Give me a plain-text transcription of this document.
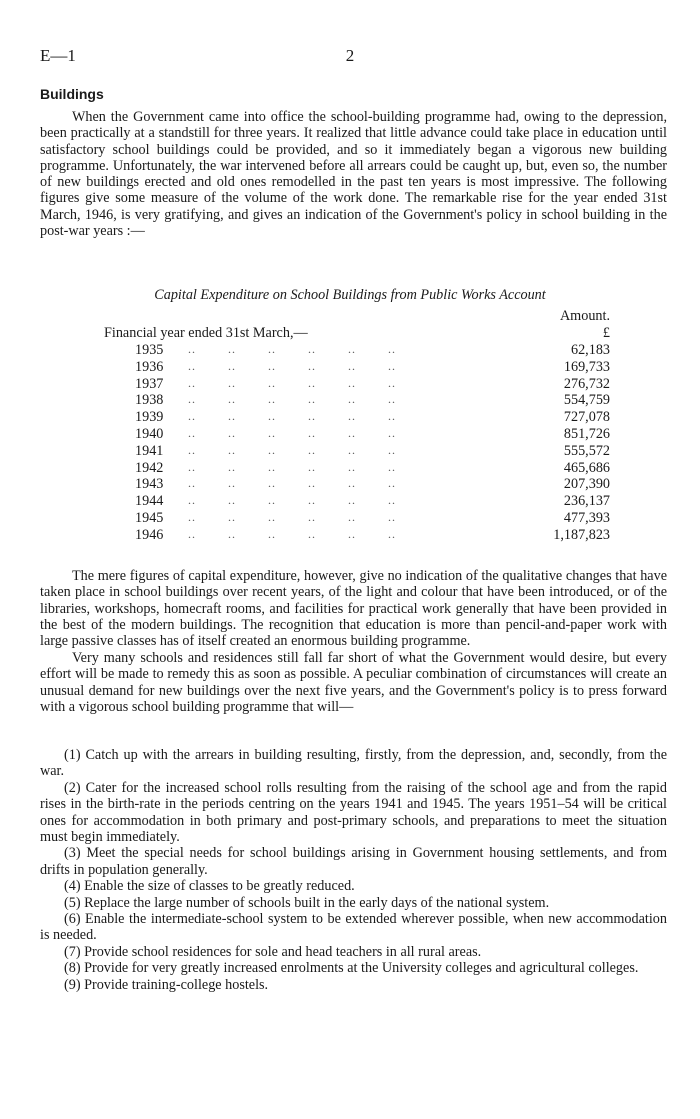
E—1	2
Buildings

When the Government came into office the school-building programme had, owing to the depression, been practically at a standstill for three years. It realized that little advance could take place in education until satisfactory school buildings could be provided, and so it immediately began a vigorous new building programme. Unfortunately, the war intervened before all arrears could be caught up, but, even so, the number of new buildings erected and old ones remodelled in the past ten years is most impressive. The following figures give some measure of the volume of the work done. The remarkable rise for the year ended 31st March, 1946, is very gratifying, and gives an indication of the Government's policy in school building in the post-war years :—

Capital Expenditure on School Buildings from Public Works Account
Amount.
Financial year ended 31st March,—	£
1935 ..        ..        ..        ..        ..        ..	62,183
1936 ..        ..        ..        ..        ..        ..	169,733
1937 ..        ..        ..        ..        ..        ..	276,732
1938 ..        ..        ..        ..        ..        ..	554,759
1939 ..        ..        ..        ..        ..        ..	727,078
1940 ..        ..        ..        ..        ..        ..	851,726
1941 ..        ..        ..        ..        ..        ..	555,572
1942 ..        ..        ..        ..        ..        ..	465,686
1943 ..        ..        ..        ..        ..        ..	207,390
1944 ..        ..        ..        ..        ..        ..	236,137
1945 ..        ..        ..        ..        ..        ..	477,393
1946 ..        ..        ..        ..        ..        ..	1,187,823

The mere figures of capital expenditure, however, give no indication of the qualitative changes that have taken place in school buildings over recent years, of the light and colour that have been introduced, or of the libraries, workshops, homecraft rooms, and facilities for practical work generally that have been provided in the best of the modern buildings. The recognition that education is more than pencil-and-paper work with large passive classes has of itself created an enormous building programme.

Very many schools and residences still fall far short of what the Government would desire, but every effort will be made to remedy this as soon as possible. A peculiar combination of circumstances will create an unusual demand for new buildings over the next five years, and the Government's policy is to press forward with a vigorous school building programme that will—

(1) Catch up with the arrears in building resulting, firstly, from the depression, and, secondly, from the war.

(2) Cater for the increased school rolls resulting from the raising of the school age and from the rapid rises in the birth-rate in the periods centring on the years 1941 and 1945. The years 1951–54 will be critical ones for accommodation in both primary and post-primary schools, and preparations to meet the situation must begin immediately.

(3) Meet the special needs for school buildings arising in Government housing settlements, and from drifts in population generally.

(4) Enable the size of classes to be greatly reduced.

(5) Replace the large number of schools built in the early days of the national system.

(6) Enable the intermediate-school system to be extended wherever possible, when new accommodation is needed.

(7) Provide school residences for sole and head teachers in all rural areas.

(8) Provide for very greatly increased enrolments at the University colleges and agricultural colleges.

(9) Provide training-college hostels.
